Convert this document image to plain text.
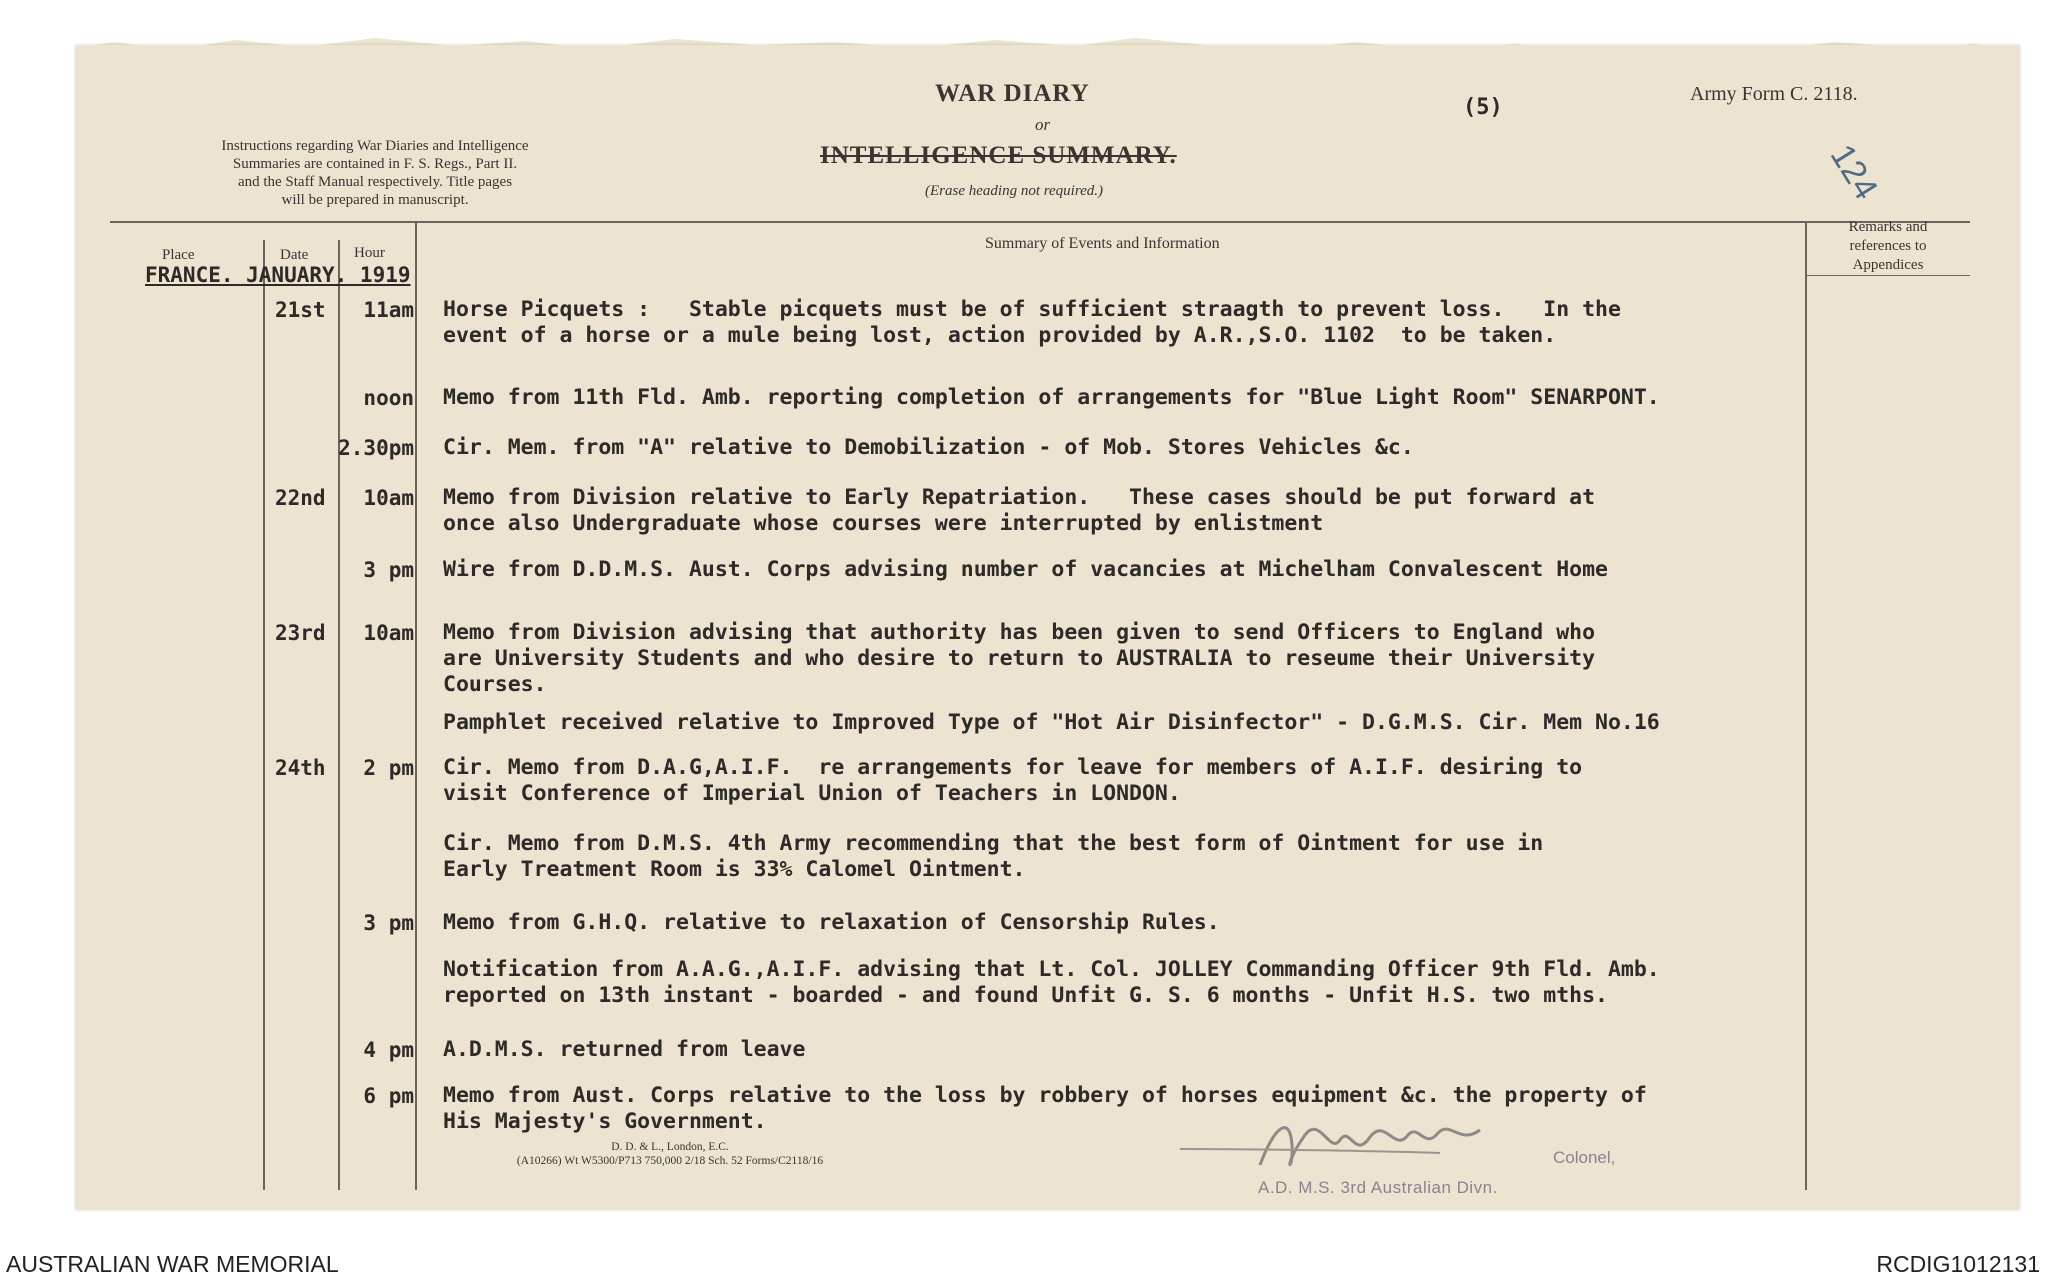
WAR DIARY
or
INTELLIGENCE SUMMARY.
(Erase heading not required.)
(5)
Army Form C. 2118.
124
Instructions regarding War Diaries and Intelligence
Summaries are contained in F. S. Regs., Part II.
and the Staff Manual respectively. Title pages
will be prepared in manuscript.
Place	Date	Hour
Summary of Events and Information
Remarks and
references to
Appendices
FRANCE. JANUARY. 1919
21st	11am Horse Picquets :   Stable picquets must be of sufficient straagth to prevent loss.   In the
event of a horse or a mule being lost, action provided by A.R.,S.O. 1102  to be taken.
noon Memo from 11th Fld. Amb. reporting completion of arrangements for "Blue Light Room" SENARPONT.
2.30pm Cir. Mem. from "A" relative to Demobilization - of Mob. Stores Vehicles &c.
22nd	10am Memo from Division relative to Early Repatriation.   These cases should be put forward at
once also Undergraduate whose courses were interrupted by enlistment
3 pm Wire from D.D.M.S. Aust. Corps advising number of vacancies at Michelham Convalescent Home
23rd	10am Memo from Division advising that authority has been given to send Officers to England who
are University Students and who desire to return to AUSTRALIA to reseume their University
Courses.
Pamphlet received relative to Improved Type of "Hot Air Disinfector" - D.G.M.S. Cir. Mem No.16
24th	2 pm Cir. Memo from D.A.G,A.I.F.  re arrangements for leave for members of A.I.F. desiring to
visit Conference of Imperial Union of Teachers in LONDON.
Cir. Memo from D.M.S. 4th Army recommending that the best form of Ointment for use in
Early Treatment Room is 33% Calomel Ointment.
3 pm Memo from G.H.Q. relative to relaxation of Censorship Rules.
Notification from A.A.G.,A.I.F. advising that Lt. Col. JOLLEY Commanding Officer 9th Fld. Amb.
reported on 13th instant - boarded - and found Unfit G. S. 6 months - Unfit H.S. two mths.
4 pm A.D.M.S. returned from leave
6 pm Memo from Aust. Corps relative to the loss by robbery of horses equipment &c. the property of
His Majesty's Government.
D. D. & L., London, E.C.
(A10266) Wt W5300/P713 750,000 2/18 Sch. 52 Forms/C2118/16	Colonel,
A.D. M.S. 3rd Australian Divn.
AUSTRALIAN WAR MEMORIAL	RCDIG1012131
